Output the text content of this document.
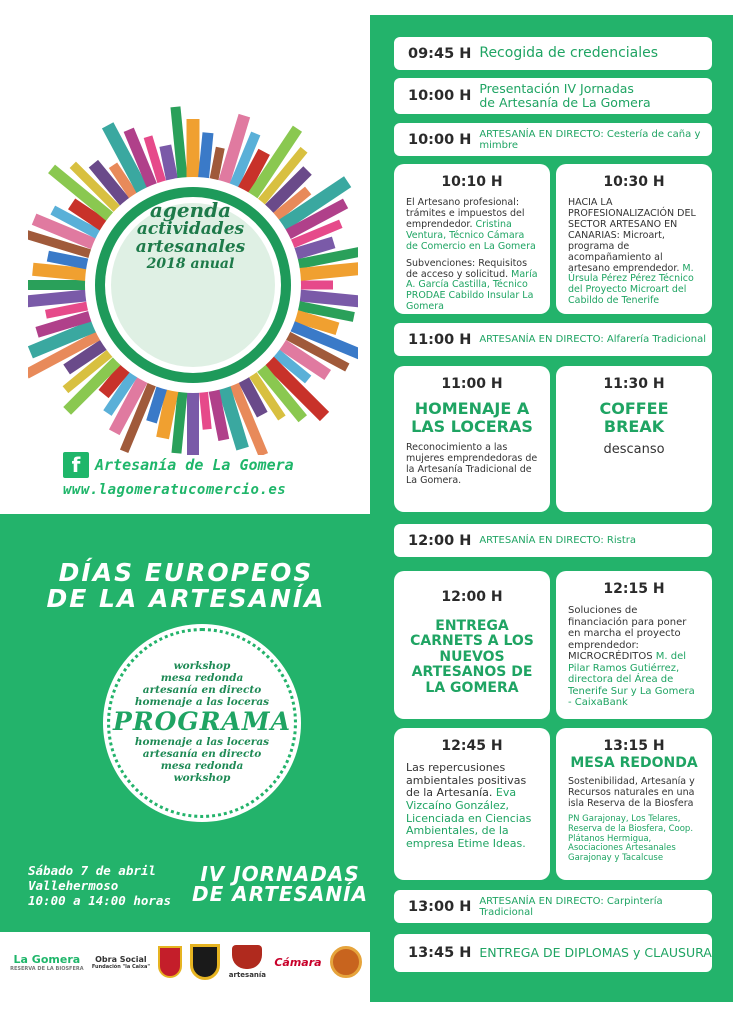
agenda
actividades
artesanales
2018 anual
f Artesanía de La Gomera
www.lagomeratucomercio.es
DÍAS EUROPEOS
DE LA ARTESANÍA
workshop
mesa redonda
artesanía en directo
homenaje a las loceras
PROGRAMA
homenaje a las loceras
artesanía en directo
mesa redonda
workshop
Sábado 7 de abril
Vallehermoso
10:00 a 14:00 horas
IV JORNADAS
DE ARTESANÍA
La Gomera
RESERVA DE LA BIOSFERA
Obra Social
Fundación "la Caixa"
artesanía
Cámara
09:45 H Recogida de credenciales
10:00 H Presentación IV Jornadas
de Artesanía de La Gomera
10:00 H ARTESANÍA EN DIRECTO: Cestería de caña y mimbre
10:10 H
El Artesano profesional: trámites e impuestos del emprendedor. Cristina Ventura, Técnico Cámara de Comercio en La Gomera
Subvenciones: Requisitos de acceso y solicitud. María A. García Castilla, Técnico PRODAE Cabildo Insular La Gomera
10:30 H
HACIA LA PROFESIONALIZACIÓN DEL SECTOR ARTESANO EN CANARIAS: Microart, programa de acompañamiento al artesano emprendedor. M. Úrsula Pérez Pérez Técnico del Proyecto Microart del Cabildo de Tenerife
11:00 H ARTESANÍA EN DIRECTO: Alfarería Tradicional
11:00 H
HOMENAJE A LAS LOCERAS
Reconocimiento a las mujeres emprendedoras de la Artesanía Tradicional de La Gomera.
11:30 H
COFFEE BREAK
descanso
12:00 H ARTESANÍA EN DIRECTO: Ristra
12:00 H
ENTREGA CARNETS A LOS NUEVOS ARTESANOS DE LA GOMERA
12:15 H
Soluciones de financiación para poner en marcha el proyecto emprendedor: MICROCRÉDITOS M. del Pilar Ramos Gutiérrez, directora del Área de Tenerife Sur y La Gomera - CaixaBank
12:45 H
Las repercusiones ambientales positivas de la Artesanía. Eva Vizcaíno González, Licenciada en Ciencias Ambientales, de la empresa Etime Ideas.
13:15 H
MESA REDONDA
Sostenibilidad, Artesanía y Recursos naturales en una isla Reserva de la Biosfera
PN Garajonay, Los Telares, Reserva de la Biosfera, Coop. Plátanos Hermigua, Asociaciones Artesanales Garajonay y Tacalcuse
13:00 H ARTESANÍA EN DIRECTO: Carpintería Tradicional
13:45 H ENTREGA DE DIPLOMAS y CLAUSURA
